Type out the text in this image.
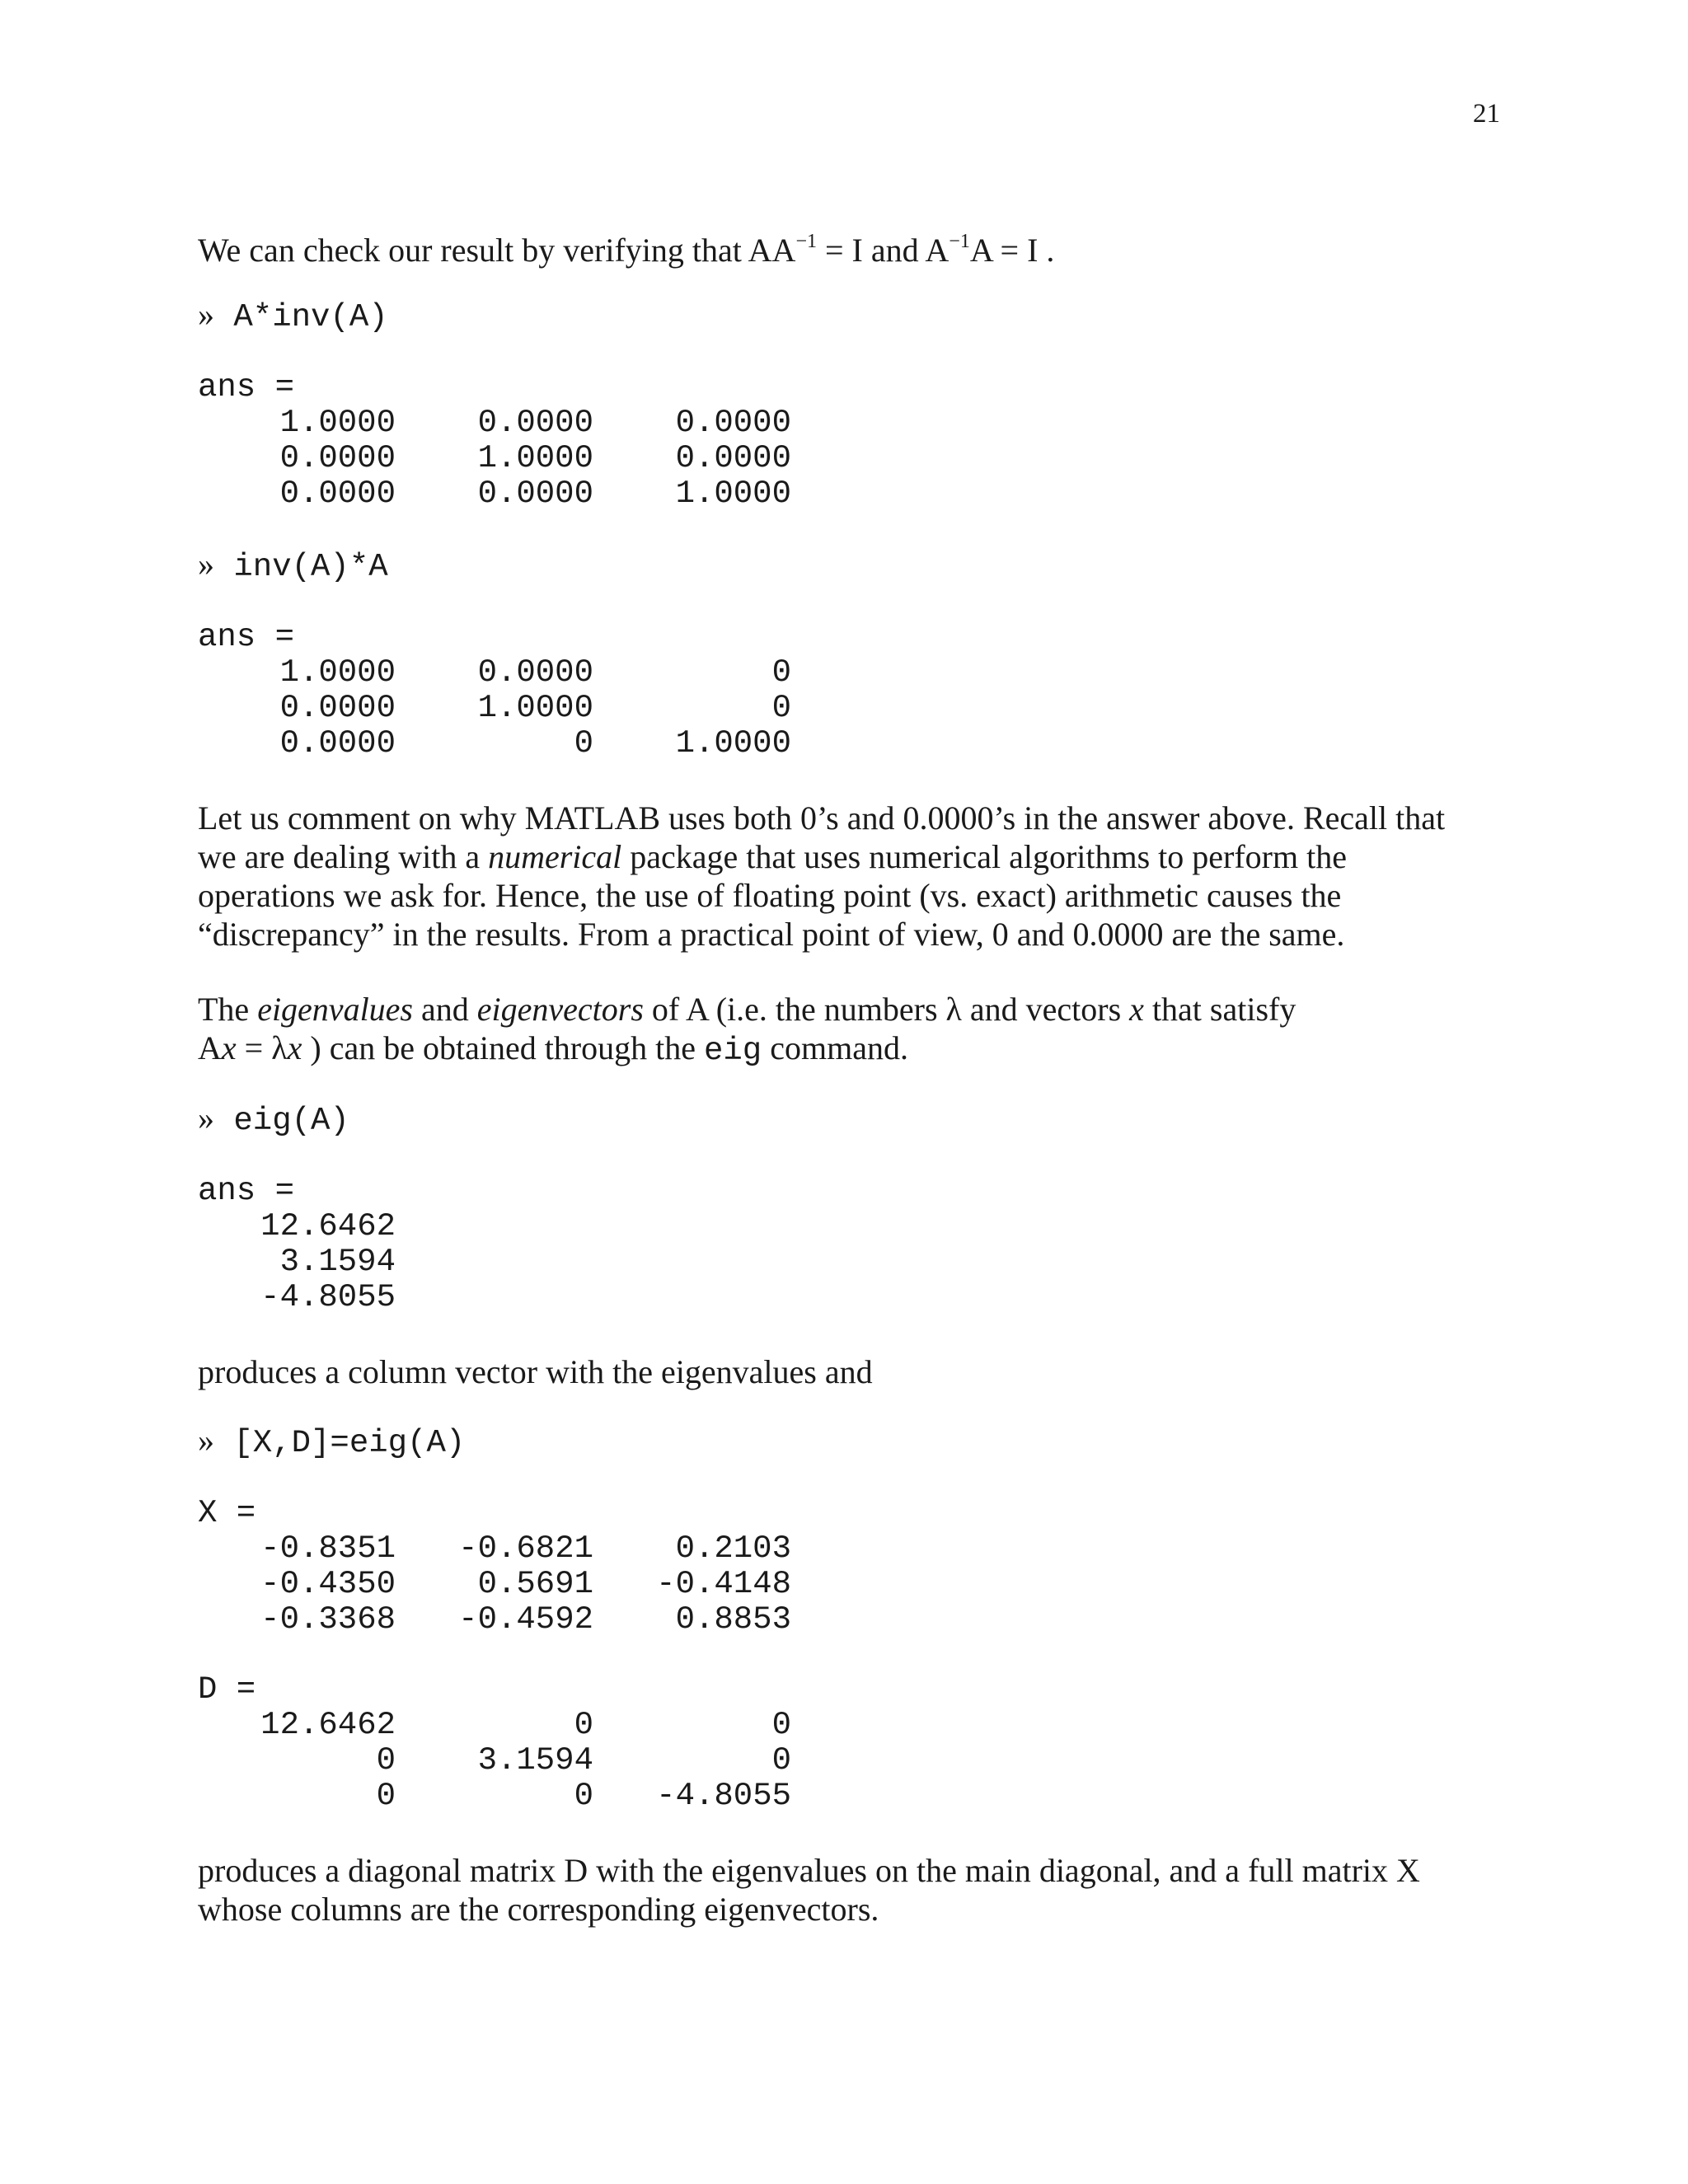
21

We can check our result by verifying that $AA^{-1} = I$ and $A^{-1}A = I$ .

» A*inv(A)

ans =

1.0000	0.0000	0.0000
0.0000	1.0000	0.0000
0.0000	0.0000	1.0000

» inv(A)*A

ans =

1.0000	0.0000	0
0.0000	1.0000	0
0.0000	0	1.0000

Let us comment on why MATLAB uses both 0’s and 0.0000’s in the answer above. Recall that we are dealing with a numerical package that uses numerical algorithms to perform the operations we ask for. Hence, the use of floating point (vs. exact) arithmetic causes the “discrepancy” in the results. From a practical point of view, 0 and 0.0000 are the same.

The eigenvalues and eigenvectors of A (i.e. the numbers λ and vectors x that satisfy
Ax = λx ) can be obtained through the eig command.

» eig(A)

ans =

12.6462
3.1594
-4.8055

produces a column vector with the eigenvalues and

» [X,D]=eig(A)

X =

-0.8351	-0.6821	0.2103
-0.4350	0.5691	-0.4148
-0.3368	-0.4592	0.8853

D =

12.6462	0	0
0	3.1594	0
0	0	-4.8055

produces a diagonal matrix D with the eigenvalues on the main diagonal, and a full matrix X whose columns are the corresponding eigenvectors.
